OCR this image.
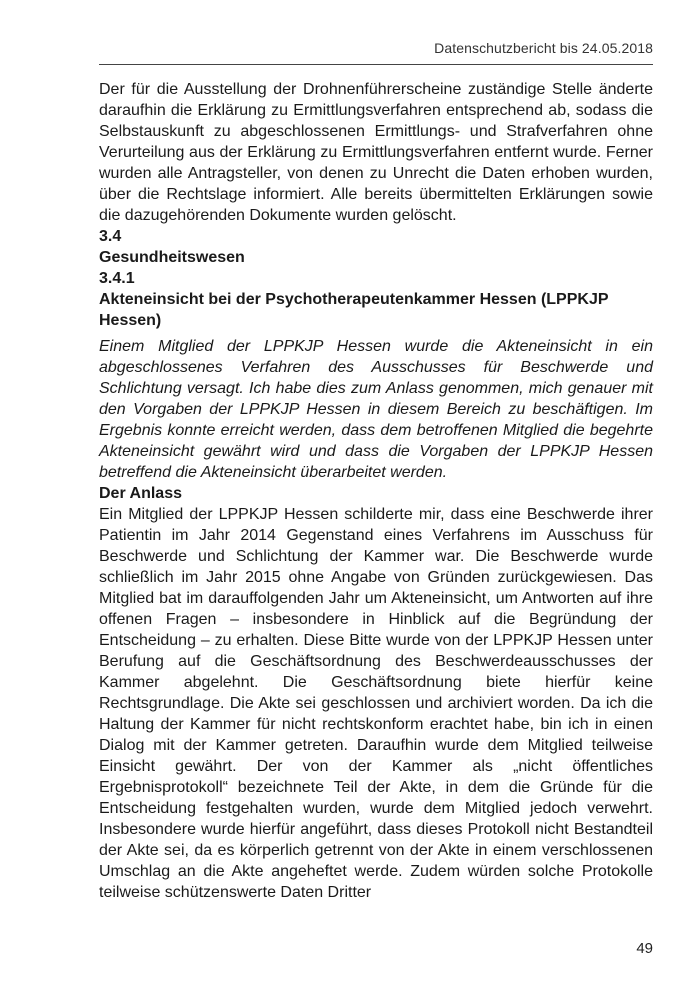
Datenschutzbericht bis 24.05.2018

Der für die Ausstellung der Drohnenführerscheine zuständige Stelle änderte daraufhin die Erklärung zu Ermittlungsverfahren entsprechend ab, sodass die Selbstauskunft zu abgeschlossenen Ermittlungs- und Strafverfahren ohne Verurteilung aus der Erklärung zu Ermittlungsverfahren entfernt wurde. Ferner wurden alle Antragsteller, von denen zu Unrecht die Daten erhoben wurden, über die Rechtslage informiert. Alle bereits übermittelten Erklärungen sowie die dazugehörenden Dokumente wurden gelöscht.

3.4

Gesundheitswesen

3.4.1

Akteneinsicht bei der Psychotherapeutenkammer Hessen (LPPKJP Hessen)

Einem Mitglied der LPPKJP Hessen wurde die Akteneinsicht in ein abgeschlossenes Verfahren des Ausschusses für Beschwerde und Schlichtung versagt. Ich habe dies zum Anlass genommen, mich genauer mit den Vorgaben der LPPKJP Hessen in diesem Bereich zu beschäftigen. Im Ergebnis konnte erreicht werden, dass dem betroffenen Mitglied die begehrte Akteneinsicht gewährt wird und dass die Vorgaben der LPPKJP Hessen betreffend die Akteneinsicht überarbeitet werden.

Der Anlass

Ein Mitglied der LPPKJP Hessen schilderte mir, dass eine Beschwerde ihrer Patientin im Jahr 2014 Gegenstand eines Verfahrens im Ausschuss für Beschwerde und Schlichtung der Kammer war. Die Beschwerde wurde schließlich im Jahr 2015 ohne Angabe von Gründen zurückgewiesen. Das Mitglied bat im darauffolgenden Jahr um Akteneinsicht, um Antworten auf ihre offenen Fragen – insbesondere in Hinblick auf die Begründung der Entscheidung – zu erhalten. Diese Bitte wurde von der LPPKJP Hessen unter Berufung auf die Geschäftsordnung des Beschwerdeausschusses der Kammer abgelehnt. Die Geschäftsordnung biete hierfür keine Rechtsgrundlage. Die Akte sei geschlossen und archiviert worden. Da ich die Haltung der Kammer für nicht rechtskonform erachtet habe, bin ich in einen Dialog mit der Kammer getreten. Daraufhin wurde dem Mitglied teilweise Einsicht gewährt. Der von der Kammer als „nicht öffentliches Ergebnisprotokoll“ bezeichnete Teil der Akte, in dem die Gründe für die Entscheidung festgehalten wurden, wurde dem Mitglied jedoch verwehrt. Insbesondere wurde hierfür angeführt, dass dieses Protokoll nicht Bestandteil der Akte sei, da es körperlich getrennt von der Akte in einem verschlossenen Umschlag an die Akte angeheftet werde. Zudem würden solche Protokolle teilweise schützenswerte Daten Dritter

49
